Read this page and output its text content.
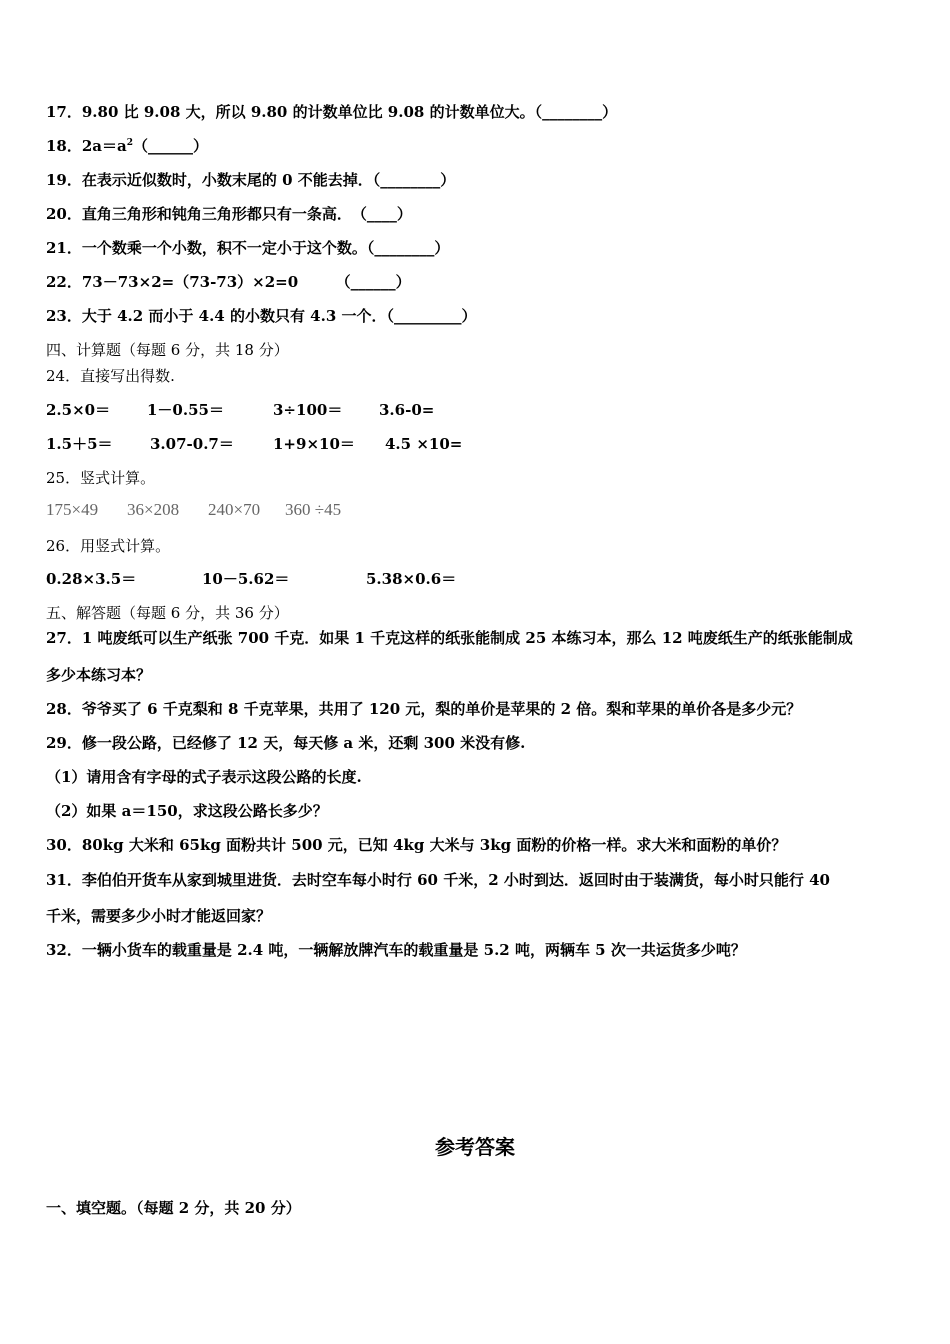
17．9.80 比 9.08 大，所以 9.80 的计数单位比 9.08 的计数单位大。（________）
18．$2a=a^2(\_\_\_\_\_\_)$
19．在表示近似数时，小数末尾的 0 不能去掉．（________）
20．直角三角形和钝角三角形都只有一条高．　（____）
21．一个数乘一个小数，积不一定小于这个数。（________）
22．73－73×2=（73-73）×2=0　　　（______）
23．大于 4.2 而小于 4.4 的小数只有 4.3 一个．（_________）
四、计算题（每题 6 分，共 18 分）
24．直接写出得数.
2.5×0＝ 1－0.55＝	3÷100＝ 3.6-0=
1.5＋5＝ 3.07-0.7＝	1+9×10＝ 4.5 ×10=
25．竖式计算。
175×49 36×208 240×70 360 ÷45
26．用竖式计算。
0.28×3.5＝	10－5.62＝	5.38×0.6＝
五、解答题（每题 6 分，共 36 分）
27．1 吨废纸可以生产纸张 700 千克．如果 1 千克这样的纸张能制成 25 本练习本，那么 12 吨废纸生产的纸张能制成
多少本练习本？
28．爷爷买了 6 千克梨和 8 千克苹果，共用了 120 元，梨的单价是苹果的 2 倍。梨和苹果的单价各是多少元？
29．修一段公路，已经修了 12 天，每天修 a 米，还剩 300 米没有修.
（1）请用含有字母的式子表示这段公路的长度.
（2）如果 a＝150，求这段公路长多少？
30．80kg 大米和 65kg 面粉共计 500 元，已知 4kg 大米与 3kg 面粉的价格一样。求大米和面粉的单价？
31．李伯伯开货车从家到城里进货．去时空车每小时行 60 千米，2 小时到达．返回时由于装满货，每小时只能行 40
千米，需要多少小时才能返回家？
32．一辆小货车的载重量是 2.4 吨，一辆解放牌汽车的载重量是 5.2 吨，两辆车 5 次一共运货多少吨？
参考答案
一、填空题。（每题 2 分，共 20 分）
